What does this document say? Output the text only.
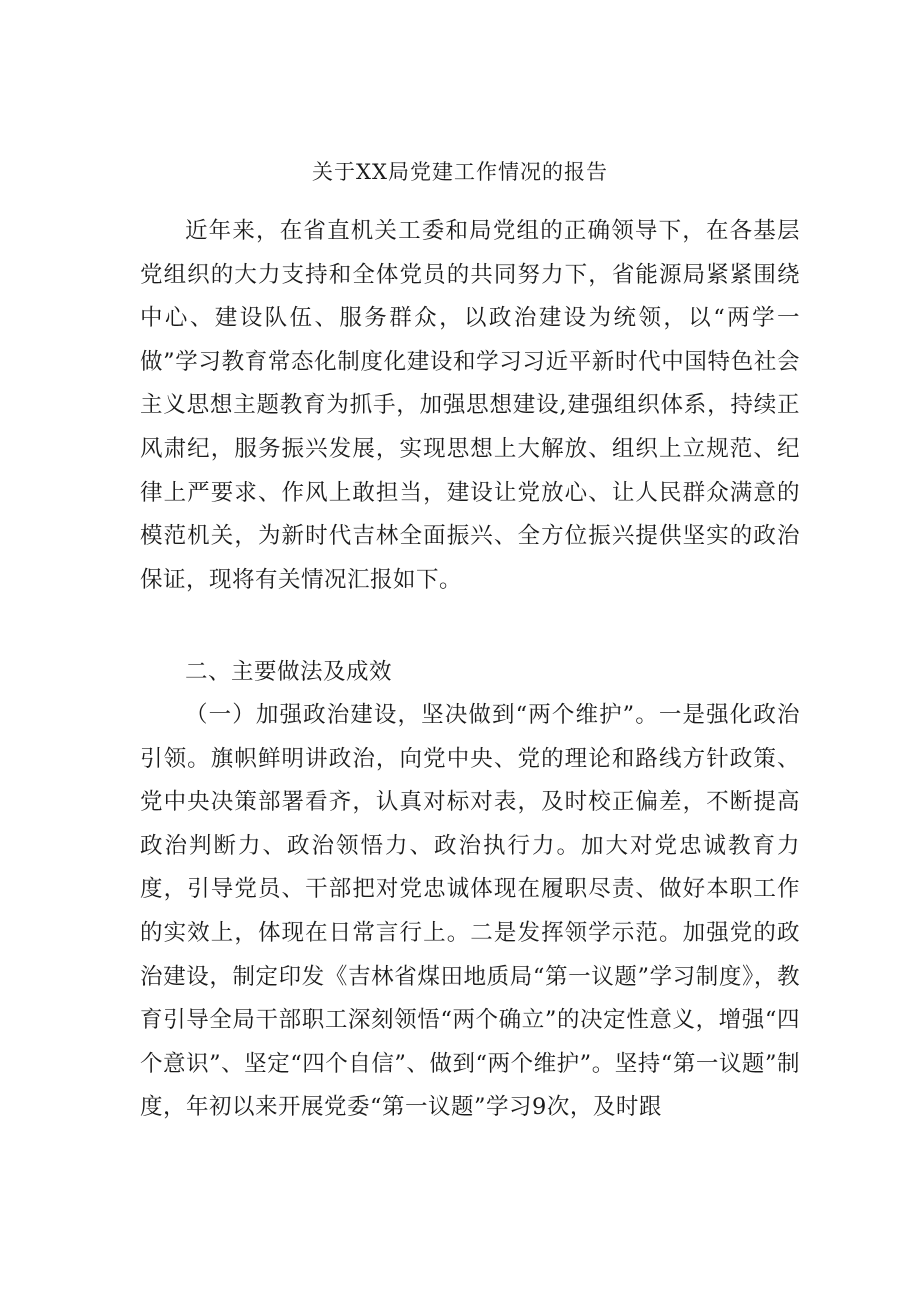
关于XX局党建工作情况的报告

近年来，在省直机关工委和局党组的正确领导下，在各基层党组织的大力支持和全体党员的共同努力下，省能源局紧紧围绕中心、建设队伍、服务群众，以政治建设为统领，以“两学一做”学习教育常态化制度化建设和学习习近平新时代中国特色社会主义思想主题教育为抓手，加强思想建设,建强组织体系，持续正风肃纪，服务振兴发展，实现思想上大解放、组织上立规范、纪律上严要求、作风上敢担当，建设让党放心、让人民群众满意的模范机关，为新时代吉林全面振兴、全方位振兴提供坚实的政治保证，现将有关情况汇报如下。

二、主要做法及成效

（一）加强政治建设，坚决做到“两个维护”。一是强化政治引领。旗帜鲜明讲政治，向党中央、党的理论和路线方针政策、党中央决策部署看齐，认真对标对表，及时校正偏差，不断提高政治判断力、政治领悟力、政治执行力。加大对党忠诚教育力度，引导党员、干部把对党忠诚体现在履职尽责、做好本职工作的实效上，体现在日常言行上。二是发挥领学示范。加强党的政治建设，制定印发《吉林省煤田地质局“第一议题”学习制度》，教育引导全局干部职工深刻领悟“两个确立”的决定性意义，增强“四个意识”、坚定“四个自信”、做到“两个维护”。坚持“第一议题”制度，年初以来开展党委“第一议题”学习9次，及时跟
